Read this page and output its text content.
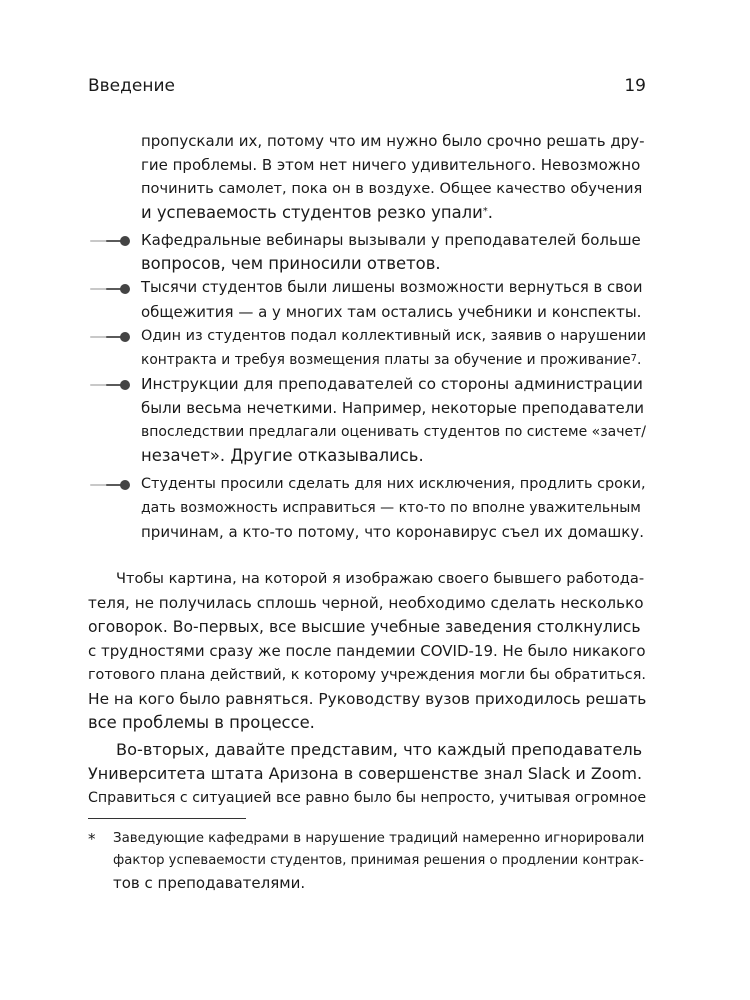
Введение	19
пропускали их, потому что им нужно было срочно решать дру-
гие проблемы. В этом нет ничего удивительного. Невозможно
починить самолет, пока он в воздухе. Общее качество обучения
и успеваемость студентов резко упали*.
Кафедральные вебинары вызывали у преподавателей больше
вопросов, чем приносили ответов.
Тысячи студентов были лишены возможности вернуться в свои
общежития — а у многих там остались учебники и конспекты.
Один из студентов подал коллективный иск, заявив о нарушении
контракта и требуя возмещения платы за обучение и проживание$^7$.
Инструкции для преподавателей со стороны администрации
были весьма нечеткими. Например, некоторые преподаватели
впоследствии предлагали оценивать студентов по системе «зачет/
незачет». Другие отказывались.
Студенты просили сделать для них исключения, продлить сроки,
дать возможность исправиться — кто-то по вполне уважительным
причинам, а кто-то потому, что коронавирус съел их домашку.
Чтобы картина, на которой я изображаю своего бывшего работода-
теля, не получилась сплошь черной, необходимо сделать несколько
оговорок. Во-первых, все высшие учебные заведения столкнулись
с трудностями сразу же после пандемии COVID-19. Не было никакого
готового плана действий, к которому учреждения могли бы обратиться.
Не на кого было равняться. Руководству вузов приходилось решать
все проблемы в процессе.
Во-вторых, давайте представим, что каждый преподаватель
Университета штата Аризона в совершенстве знал Slack и Zoom.
Справиться с ситуацией все равно было бы непросто, учитывая огромное
* Заведующие кафедрами в нарушение традиций намеренно игнорировали
фактор успеваемости студентов, принимая решения о продлении контрак-
тов с преподавателями.
